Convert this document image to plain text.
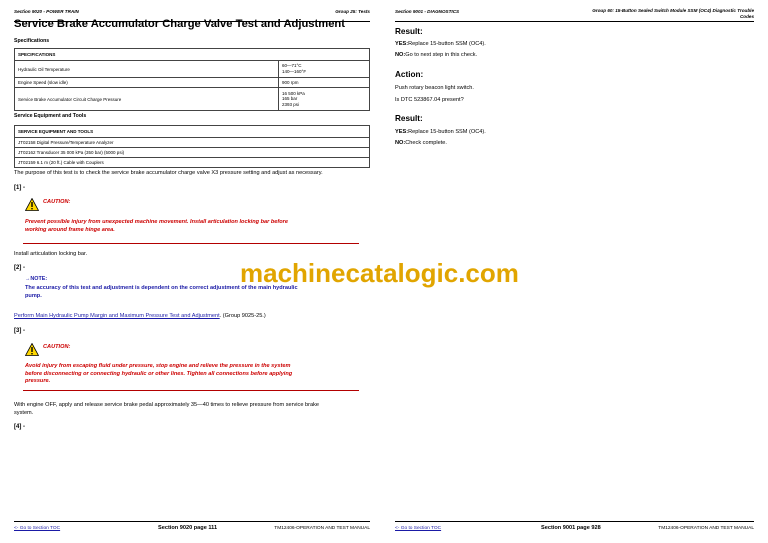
Section 9020 - POWER TRAIN	Group 25: Tests
Service Brake Accumulator Charge Valve Test and Adjustment
Specifications
SPECIFICATIONS	
Hydraulic Oil Temperature	60—71°C
140—160°F

Engine Speed (slow idle)	900 rpm
Service Brake Accumulator Circuit Charge Pressure	16 500 kPa
165 bar
2393 psi
Service Equipment and Tools
SERVICE EQUIPMENT AND TOOLS
JT02158 Digital Pressure/Temperature Analyzer
JT02162 Transducer 35 000 kPa (350 bar) (5000 psi)
JT02159 6.1 m (20 ft.) Cable with Couplers
The purpose of this test is to check the service brake accumulator charge valve X3 pressure setting and adjust as necessary.
[1] -
CAUTION:
Prevent possible injury from unexpected machine movement. Install articulation locking bar before
working around frame hinge area.
Install articulation locking bar.
[2] -
→NOTE:
The accuracy of this test and adjustment is dependent on the correct adjustment of the main hydraulic
pump.
Perform Main Hydraulic Pump Margin and Maximum Pressure Test and Adjustment. (Group 9025-25.)
[3] -
CAUTION:
Avoid injury from escaping fluid under pressure, stop engine and relieve the pressure in the system
before disconnecting or connecting hydraulic or other lines. Tighten all connections before applying
pressure.
With engine OFF, apply and release service brake pedal approximately 35—40 times to relieve pressure from service brake
system.
[4] -
<- Go to Section TOC	Section 9020 page 111	TM12406-OPERATION AND TEST MANUAL
Section 9001 - DIAGNOSTICS	Group 60: 15-Button Sealed Switch Module SSM (OC4) Diagnostic Trouble
Codes
Result:
YES:Replace 15-button SSM (OC4).
NO:Go to next step in this check.
Action:
Push rotary beacon light switch.
Is DTC 523867.04 present?
Result:
YES:Replace 15-button SSM (OC4).
NO:Check complete.
<- Go to Section TOC	Section 9001 page 928	TM12406-OPERATION AND TEST MANUAL
machinecatalogic.com
